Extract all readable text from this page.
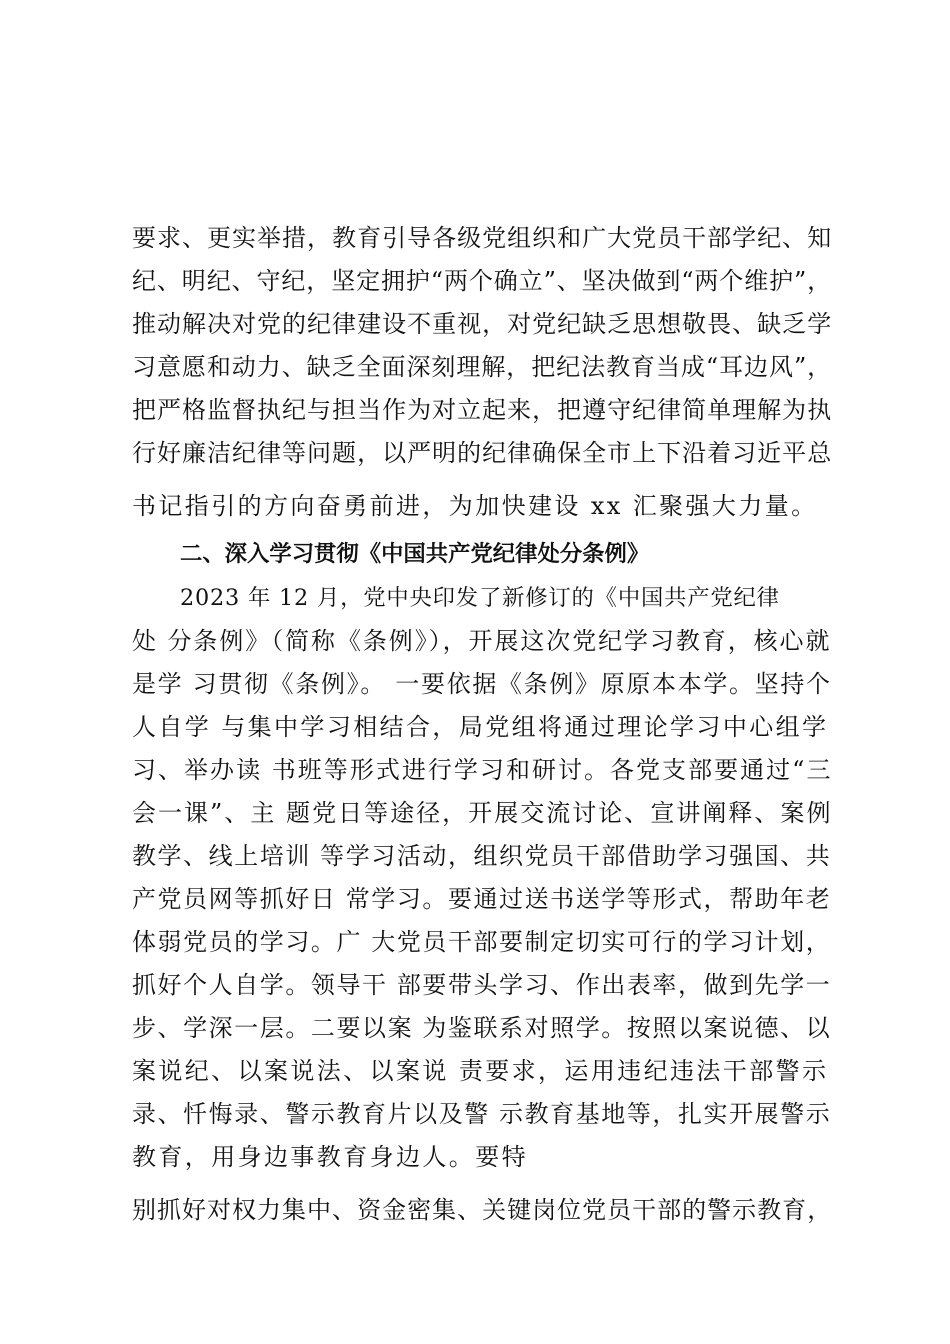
要求、更实举措，教育引导各级党组织和广大党员干部学纪、知
纪、明纪、守纪，坚定拥护“两个确立”、坚决做到“两个维护”，
推动解决对党的纪律建设不重视，对党纪缺乏思想敬畏、缺乏学
习意愿和动力、缺乏全面深刻理解，把纪法教育当成“耳边风”，
把严格监督执纪与担当作为对立起来，把遵守纪律简单理解为执
行好廉洁纪律等问题，以严明的纪律确保全市上下沿着习近平总
书记指引的方向奋勇前进，为加快建设 xx 汇聚强大力量。
二、深入学习贯彻《中国共产党纪律处分条例》
2023 年 12 月，党中央印发了新修订的《中国共产党纪律
处 分条例》（简称《条例》），开展这次党纪学习教育，核心就
是学 习贯彻《条例》。 一要依据《条例》原原本本学。坚持个
人自学 与集中学习相结合，局党组将通过理论学习中心组学
习、举办读 书班等形式进行学习和研讨。各党支部要通过“三
会一课”、主 题党日等途径，开展交流讨论、宣讲阐释、案例
教学、线上培训 等学习活动，组织党员干部借助学习强国、共
产党员网等抓好日 常学习。要通过送书送学等形式，帮助年老
体弱党员的学习。广 大党员干部要制定切实可行的学习计划，
抓好个人自学。领导干 部要带头学习、作出表率，做到先学一
步、学深一层。二要以案 为鉴联系对照学。按照以案说德、以
案说纪、以案说法、以案说 责要求，运用违纪违法干部警示
录、忏悔录、警示教育片以及警 示教育基地等，扎实开展警示
教育，用身边事教育身边人。要特
别抓好对权力集中、资金密集、关键岗位党员干部的警示教育，
